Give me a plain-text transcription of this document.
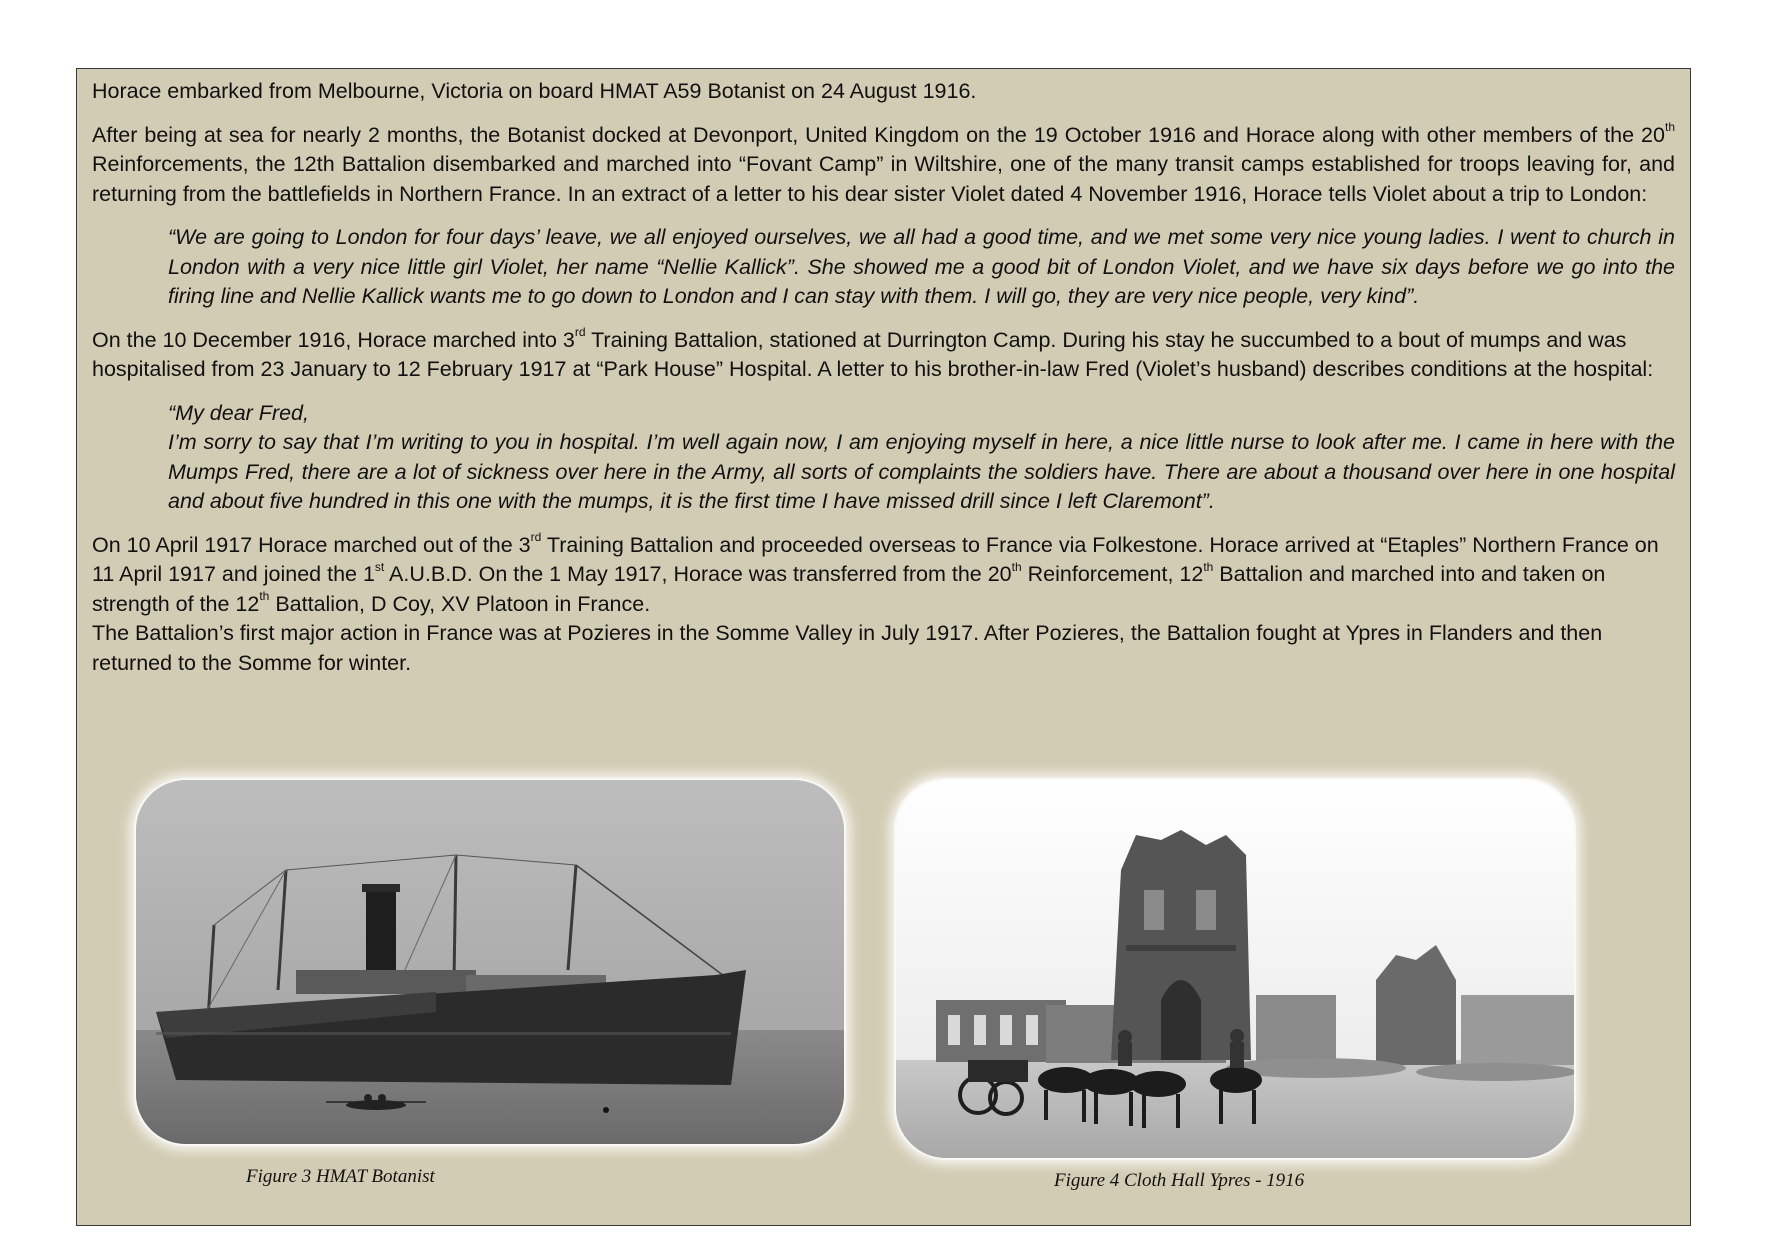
Horace embarked from Melbourne, Victoria on board HMAT A59 Botanist on 24 August 1916.

After being at sea for nearly 2 months, the Botanist docked at Devonport, United Kingdom on the 19 October 1916 and Horace along with other members of the 20th Reinforcements, the 12th Battalion disembarked and marched into “Fovant Camp” in Wiltshire, one of the many transit camps established for troops leaving for, and returning from the battlefields in Northern France. In an extract of a letter to his dear sister Violet dated 4 November 1916, Horace tells Violet about a trip to London:

“We are going to London for four days’ leave, we all enjoyed ourselves, we all had a good time, and we met some very nice young ladies. I went to church in London with a very nice little girl Violet, her name “Nellie Kallick”. She showed me a good bit of London Violet, and we have six days before we go into the firing line and Nellie Kallick wants me to go down to London and I can stay with them. I will go, they are very nice people, very kind”.

On the 10 December 1916, Horace marched into 3rd Training Battalion, stationed at Durrington Camp. During his stay he succumbed to a bout of mumps and was hospitalised from 23 January to 12 February 1917 at “Park House” Hospital. A letter to his brother-in-law Fred (Violet’s husband) describes conditions at the hospital:

“My dear Fred,
I’m sorry to say that I’m writing to you in hospital. I’m well again now, I am enjoying myself in here, a nice little nurse to look after me. I came in here with the Mumps Fred, there are a lot of sickness over here in the Army, all sorts of complaints the soldiers have. There are about a thousand over here in one hospital and about five hundred in this one with the mumps, it is the first time I have missed drill since I left Claremont”.

On 10 April 1917 Horace marched out of the 3rd Training Battalion and proceeded overseas to France via Folkestone. Horace arrived at “Etaples” Northern France on 11 April 1917 and joined the 1st A.U.B.D. On the 1 May 1917, Horace was transferred from the 20th Reinforcement, 12th Battalion and marched into and taken on strength of the 12th Battalion, D Coy, XV Platoon in France.

The Battalion’s first major action in France was at Pozieres in the Somme Valley in July 1917. After Pozieres, the Battalion fought at Ypres in Flanders and then returned to the Somme for winter.

Figure 3 HMAT Botanist	Figure 4 Cloth Hall Ypres - 1916
